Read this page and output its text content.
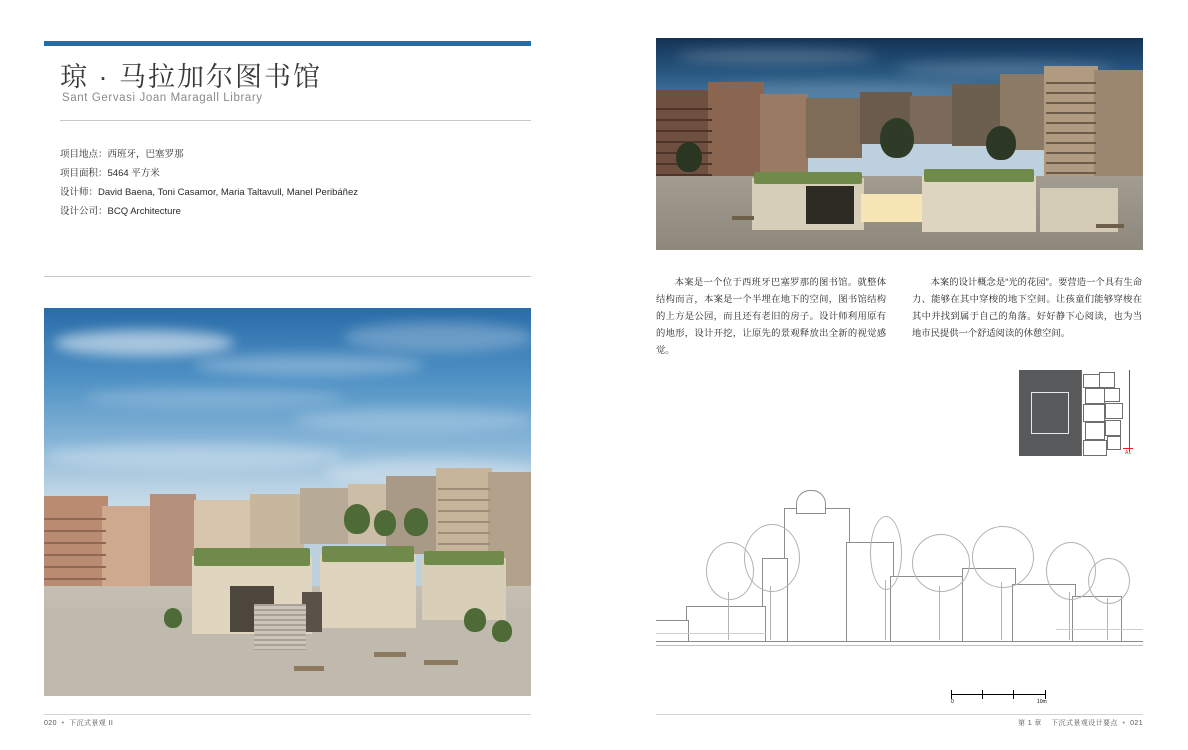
琼 · 马拉加尔图书馆
Sant Gervasi Joan Maragall Library
项目地点：西班牙，巴塞罗那
项目面积：5464 平方米
设计师：David Baena, Toni Casamor, Maria Taltavull, Manel Peribáñez
设计公司：BCQ Architecture
020  •  下沉式景观 II

本案是一个位于西班牙巴塞罗那的图书馆。就整体结构而言，本案是一个半埋在地下的空间，图书馆结构的上方是公园，而且还有老旧的房子。设计师利用原有的地形，设计开挖，让原先的景观释放出全新的视觉感觉。

本案的设计概念是“光的花园”。要营造一个具有生命力、能够在其中穿梭的地下空间。让孩童们能够穿梭在其中并找到属于自己的角落。好好静下心阅读，也为当地市民提供一个舒适阅读的休憩空间。

A1
0	10m
第 1 章 下沉式景观设计要点  •  021
